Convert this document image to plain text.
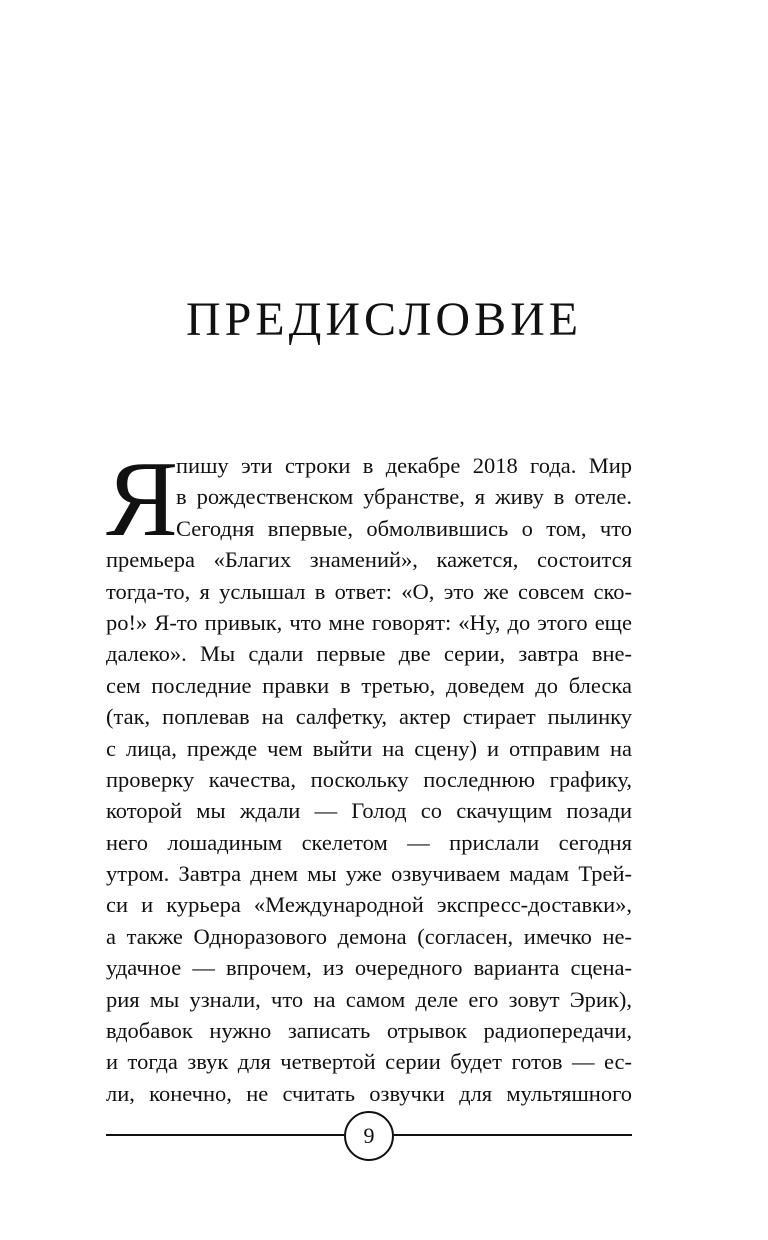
ПРЕДИСЛОВИЕ
Я
пишу эти строки в декабре 2018 года. Мир
в рождественском убранстве, я живу в отеле.
Сегодня впервые, обмолвившись о том, что
премьера «Благих знамений», кажется, состоится
тогда-то, я услышал в ответ: «О, это же совсем ско-
ро!» Я-то привык, что мне говорят: «Ну, до этого еще
далеко». Мы сдали первые две серии, завтра вне-
сем последние правки в третью, доведем до блеска
(так, поплевав на салфетку, актер стирает пылинку
с лица, прежде чем выйти на сцену) и отправим на
проверку качества, поскольку последнюю графику,
которой мы ждали — Голод со скачущим позади
него лошадиным скелетом — прислали сегодня
утром. Завтра днем мы уже озвучиваем мадам Трей-
си и курьера «Международной экспресс-доставки»,
а также Одноразового демона (согласен, имечко не-
удачное — впрочем, из очередного варианта сцена-
рия мы узнали, что на самом деле его зовут Эрик),
вдобавок нужно записать отрывок радиопередачи,
и тогда звук для четвертой серии будет готов — ес-
ли, конечно, не считать озвучки для мультяшного
9
